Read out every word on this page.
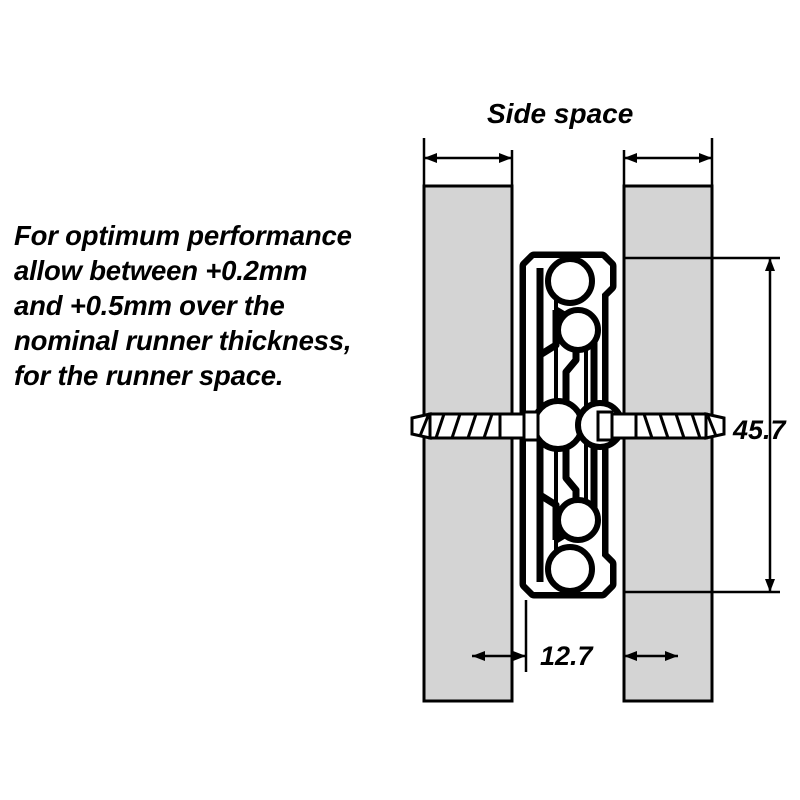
For optimum performance
allow between +0.2mm
and +0.5mm over the
nominal runner thickness,
for the runner space.
Side space
45.7
12.7
